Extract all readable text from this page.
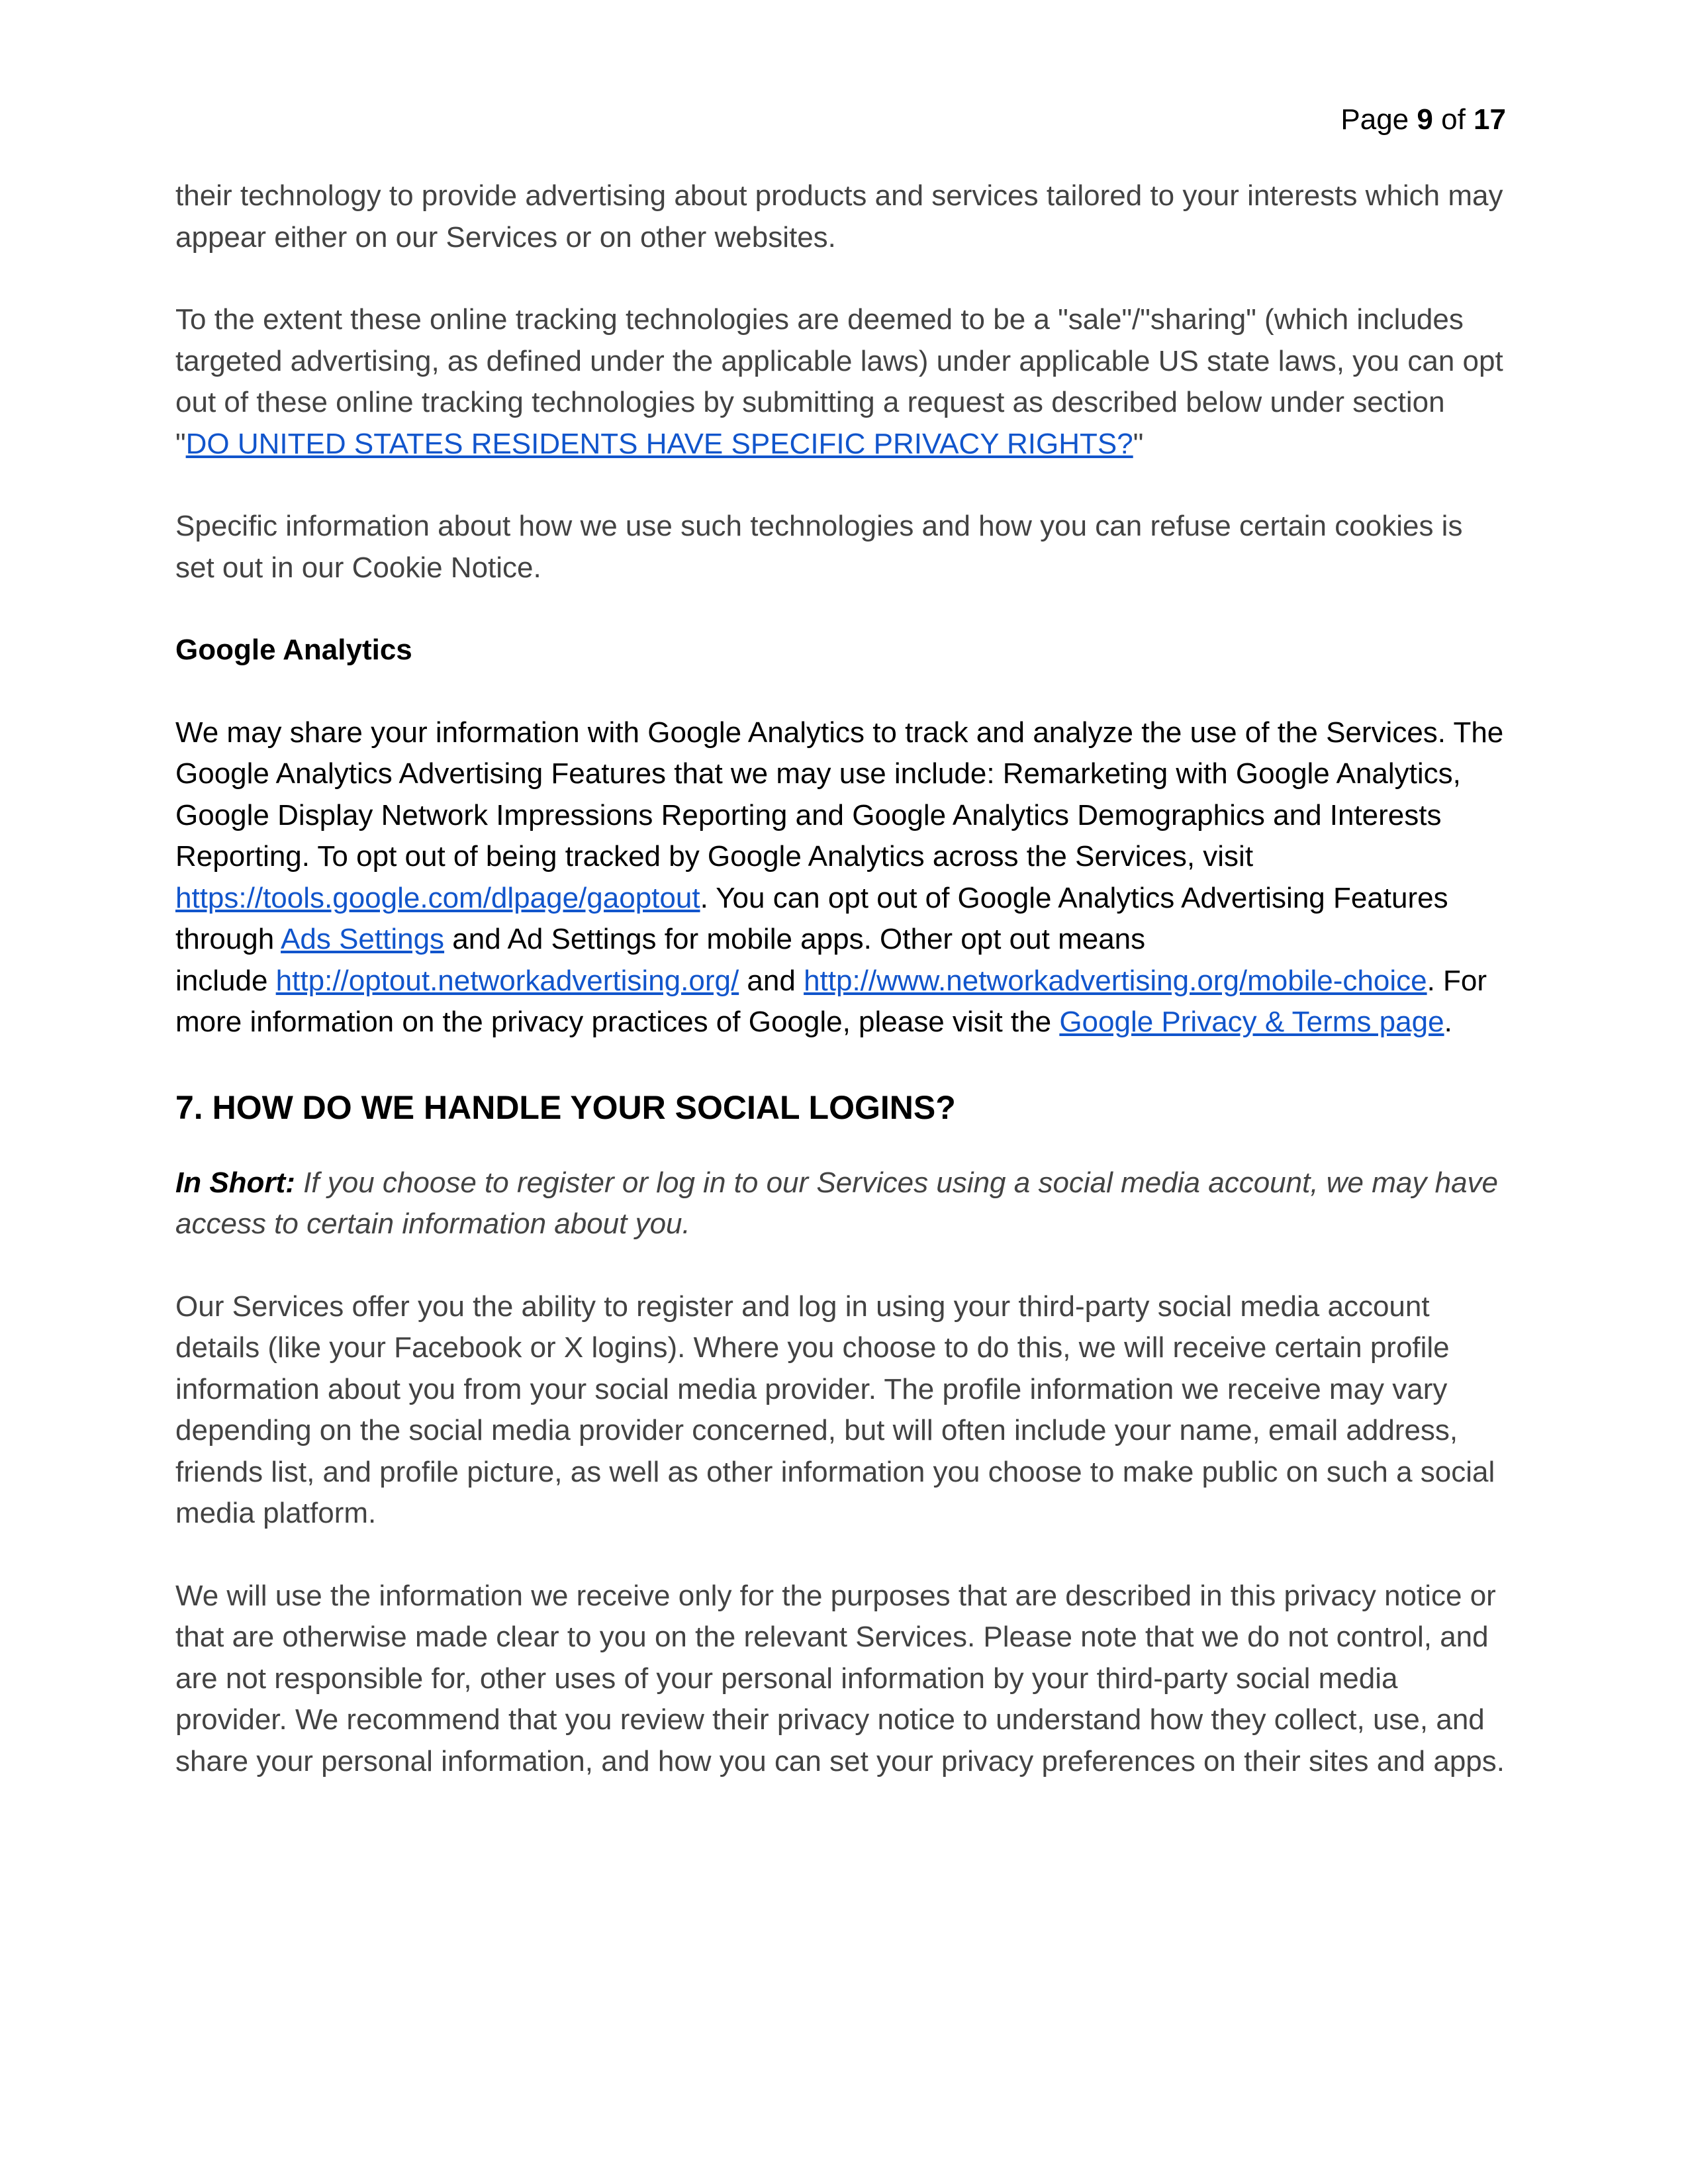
Page 9 of 17

their technology to provide advertising about products and services tailored to your interests which may appear either on our Services or on other websites.

To the extent these online tracking technologies are deemed to be a "sale"/"sharing" (which includes targeted advertising, as defined under the applicable laws) under applicable US state laws, you can opt out of these online tracking technologies by submitting a request as described below under section "DO UNITED STATES RESIDENTS HAVE SPECIFIC PRIVACY RIGHTS?"

Specific information about how we use such technologies and how you can refuse certain cookies is set out in our Cookie Notice.

Google Analytics

We may share your information with Google Analytics to track and analyze the use of the Services. The Google Analytics Advertising Features that we may use include: Remarketing with Google Analytics, Google Display Network Impressions Reporting and Google Analytics Demographics and Interests Reporting. To opt out of being tracked by Google Analytics across the Services, visit https://tools.google.com/dlpage/gaoptout. You can opt out of Google Analytics Advertising Features through Ads Settings and Ad Settings for mobile apps. Other opt out means
include http://optout.networkadvertising.org/ and http://www.networkadvertising.org/mobile-choice. For more information on the privacy practices of Google, please visit the Google Privacy & Terms page.

7. HOW DO WE HANDLE YOUR SOCIAL LOGINS?

In Short: If you choose to register or log in to our Services using a social media account, we may have access to certain information about you.

Our Services offer you the ability to register and log in using your third-party social media account details (like your Facebook or X logins). Where you choose to do this, we will receive certain profile information about you from your social media provider. The profile information we receive may vary depending on the social media provider concerned, but will often include your name, email address, friends list, and profile picture, as well as other information you choose to make public on such a social media platform.

We will use the information we receive only for the purposes that are described in this privacy notice or that are otherwise made clear to you on the relevant Services. Please note that we do not control, and are not responsible for, other uses of your personal information by your third-party social media provider. We recommend that you review their privacy notice to understand how they collect, use, and share your personal information, and how you can set your privacy preferences on their sites and apps.
